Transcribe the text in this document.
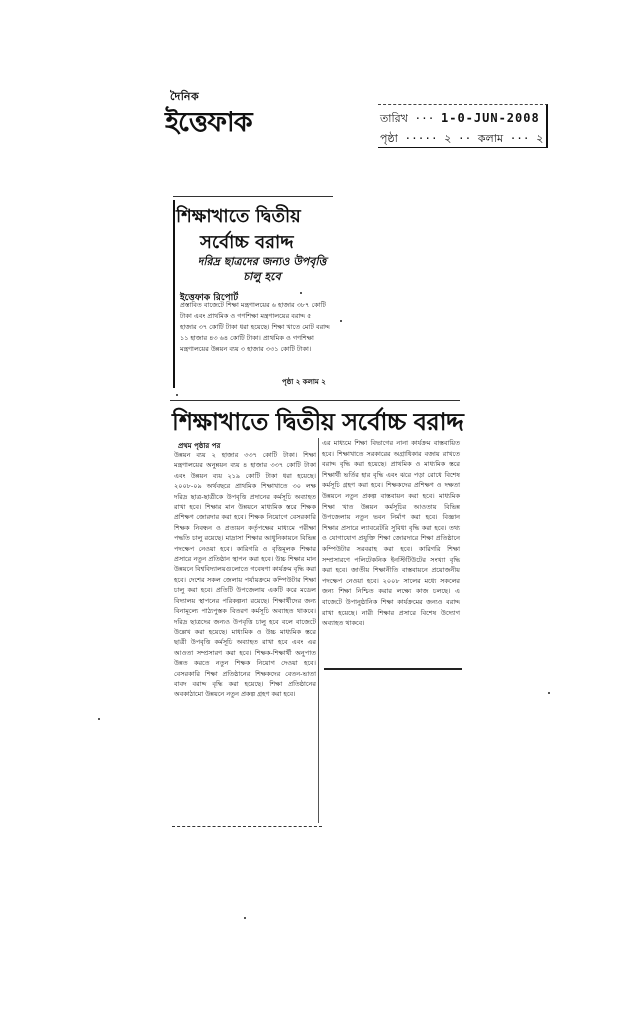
দৈনিক
ইত্তেফাক	তারিখ ··· 1-0-JUN-2008
পৃষ্ঠা ····· ২ ·· কলাম ··· ২
শিক্ষাখাতে দ্বিতীয়
সর্বোচ্চ বরাদ্দ
দরিদ্র ছাত্রদের জন্যও উপবৃত্তি চালু হবে
ইত্তেফাক রিপোর্ট
প্রস্তাবিত বাজেটে শিক্ষা মন্ত্রণালয়ের ৬ হাজার ৩৮৭ কোটি টাকা এবং প্রাথমিক ও গণশিক্ষা মন্ত্রণালয়ের বরাদ্দ ৫ হাজার ৩৭ কোটি টাকা ধরা হয়েছে। শিক্ষা খাতে মোট বরাদ্দ ১১ হাজার ৪৩ ৬৪ কোটি টাকা। প্রাথমিক ও গণশিক্ষা মন্ত্রণালয়ের উন্নয়ন ব্যয় ৩ হাজার ৩৩১ কোটি টাকা।
পৃষ্ঠা ২ কলাম ২
শিক্ষাখাতে দ্বিতীয় সর্বোচ্চ বরাদ্দ
প্রথম পৃষ্ঠার পর
উন্নয়ন ব্যয় ২ হাজার ৩৩৭ কোটি টাকা। শিক্ষা মন্ত্রণালয়ের অনুন্নয়ন ব্যয় ৪ হাজার ৩৩৭ কোটি টাকা এবং উন্নয়ন ব্যয় ২১৯ কোটি টাকা ধরা হয়েছে। ২০০৮-০৯ অর্থবছরে প্রাথমিক শিক্ষাখাতে ৩০ লক্ষ দরিদ্র ছাত্র-ছাত্রীকে উপবৃত্তি প্রদানের কর্মসূচি অব্যাহত রাখা হবে। শিক্ষার মান উন্নয়নে মাধ্যমিক স্তরে শিক্ষক প্রশিক্ষণ জোরদার করা হবে। শিক্ষক নিয়োগে বেসরকারি শিক্ষক নিবন্ধন ও প্রত্যয়ন কর্তৃপক্ষের মাধ্যমে পরীক্ষা পদ্ধতি চালু রয়েছে। মাদ্রাসা শিক্ষার আধুনিকায়নে বিভিন্ন পদক্ষেপ নেওয়া হবে। কারিগরি ও বৃত্তিমূলক শিক্ষার প্রসারে নতুন প্রতিষ্ঠান স্থাপন করা হবে। উচ্চ শিক্ষার মান উন্নয়নে বিশ্ববিদ্যালয়গুলোতে গবেষণা কার্যক্রম বৃদ্ধি করা হবে। দেশের সকল জেলায় পর্যায়ক্রমে কম্পিউটার শিক্ষা চালু করা হবে। প্রতিটি উপজেলায় একটি করে মডেল বিদ্যালয় স্থাপনের পরিকল্পনা রয়েছে। শিক্ষার্থীদের জন্য বিনামূল্যে পাঠ্যপুস্তক বিতরণ কর্মসূচি অব্যাহত থাকবে। দরিদ্র ছাত্রদের জন্যও উপবৃত্তি চালু হবে বলে বাজেটে উল্লেখ করা হয়েছে। মাধ্যমিক ও উচ্চ মাধ্যমিক স্তরে ছাত্রী উপবৃত্তি কর্মসূচি অব্যাহত রাখা হবে এবং এর আওতা সম্প্রসারণ করা হবে। শিক্ষক-শিক্ষার্থী অনুপাত উন্নত করতে নতুন শিক্ষক নিয়োগ দেওয়া হবে। বেসরকারি শিক্ষা প্রতিষ্ঠানের শিক্ষকদের বেতন-ভাতা বাবদ বরাদ্দ বৃদ্ধি করা হয়েছে। শিক্ষা প্রতিষ্ঠানের অবকাঠামো উন্নয়নে নতুন প্রকল্প গ্রহণ করা হবে।
এর মাধ্যমে শিক্ষা বিভাগের নানা কার্যক্রম বাস্তবায়িত হবে। শিক্ষাখাতে সরকারের অগ্রাধিকার বজায় রাখতে বরাদ্দ বৃদ্ধি করা হয়েছে। প্রাথমিক ও মাধ্যমিক স্তরে শিক্ষার্থী ভর্তির হার বৃদ্ধি এবং ঝরে পড়া রোধে বিশেষ কর্মসূচি গ্রহণ করা হবে। শিক্ষকদের প্রশিক্ষণ ও দক্ষতা উন্নয়নে নতুন প্রকল্প বাস্তবায়ন করা হবে। মাধ্যমিক শিক্ষা খাত উন্নয়ন কর্মসূচির আওতায় বিভিন্ন উপজেলায় নতুন ভবন নির্মাণ করা হবে। বিজ্ঞান শিক্ষার প্রসারে ল্যাবরেটরি সুবিধা বৃদ্ধি করা হবে। তথ্য ও যোগাযোগ প্রযুক্তি শিক্ষা জোরদারে শিক্ষা প্রতিষ্ঠানে কম্পিউটার সরবরাহ করা হবে। কারিগরি শিক্ষা সম্প্রসারণে পলিটেকনিক ইনস্টিটিউটের সংখ্যা বৃদ্ধি করা হবে। জাতীয় শিক্ষানীতি বাস্তবায়নে প্রয়োজনীয় পদক্ষেপ নেওয়া হবে। ২০০৮ সালের মধ্যে সকলের জন্য শিক্ষা নিশ্চিত করার লক্ষ্যে কাজ চলছে। এ বাজেটে উপানুষ্ঠানিক শিক্ষা কার্যক্রমের জন্যও বরাদ্দ রাখা হয়েছে। নারী শিক্ষার প্রসারে বিশেষ উদ্যোগ অব্যাহত থাকবে।
